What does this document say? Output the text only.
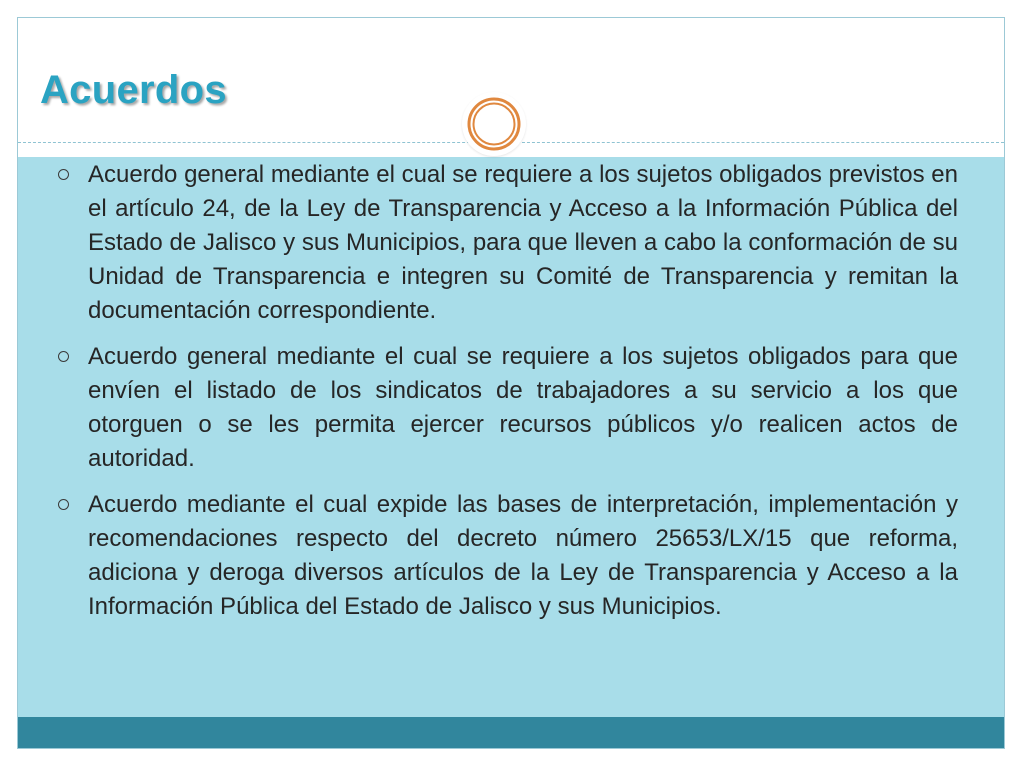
Acuerdos
Acuerdo general mediante el cual se requiere a los sujetos obligados previstos en el artículo 24, de la Ley de Transparencia y Acceso a la Información Pública del Estado de Jalisco y sus Municipios, para que lleven a cabo la conformación de su Unidad de Transparencia e integren su Comité de Transparencia y remitan la documentación correspondiente.
Acuerdo general mediante el cual se requiere a los sujetos obligados para que envíen el listado de los sindicatos de trabajadores a su servicio a los que otorguen o se les permita ejercer recursos públicos y/o realicen actos de autoridad.
Acuerdo mediante el cual expide las bases de interpretación, implementación y recomendaciones respecto del decreto número 25653/LX/15 que reforma, adiciona y deroga diversos artículos de la Ley de Transparencia y Acceso a la Información Pública del Estado de Jalisco y sus Municipios.
